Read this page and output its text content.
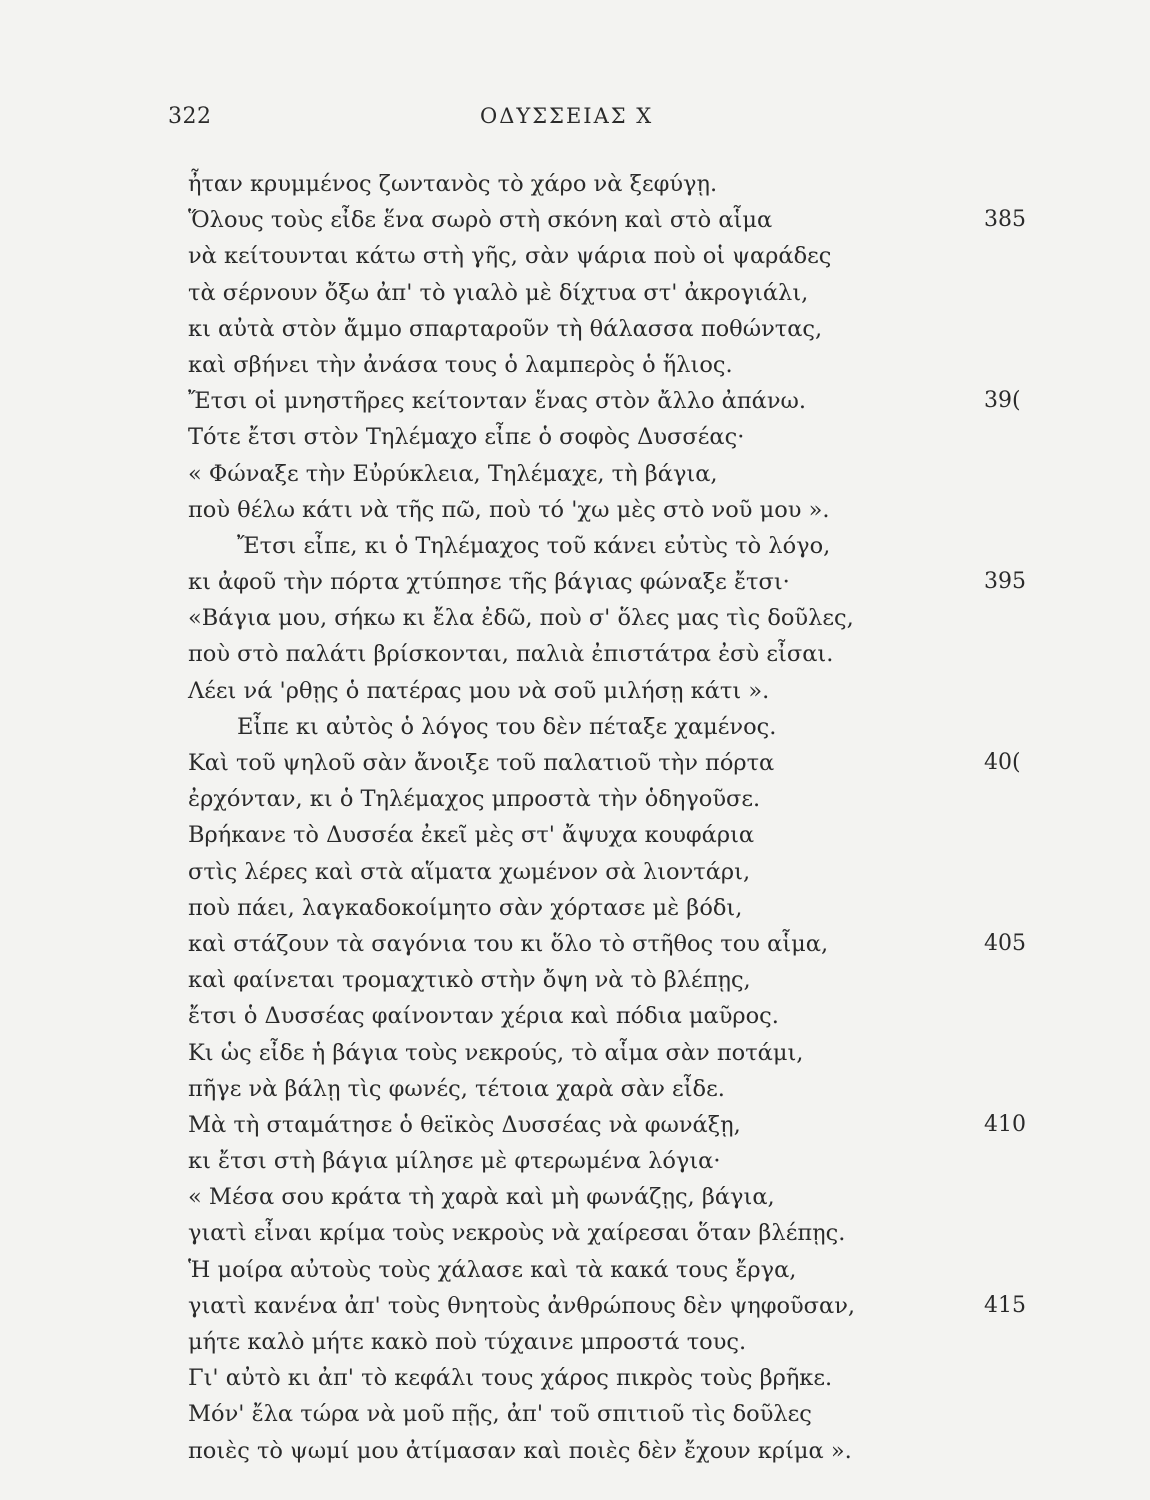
322	ΟΔΥΣΣΕΙΑΣ Χ
ἦταν κρυμμένος ζωντανὸς τὸ χάρο νὰ ξεφύγῃ.
Ὅλους τοὺς εἶδε ἕνα σωρὸ στὴ σκόνη καὶ στὸ αἷμα	385
νὰ κείτουνται κάτω στὴ γῆς, σὰν ψάρια ποὺ οἱ ψαράδες
τὰ σέρνουν ὄξω ἀπ' τὸ γιαλὸ μὲ δίχτυα στ' ἀκρογιάλι,
κι αὐτὰ στὸν ἄμμο σπαρταροῦν τὴ θάλασσα ποθώντας,
καὶ σβήνει τὴν ἀνάσα τους ὁ λαμπερὸς ὁ ἥλιος.
Ἔτσι οἱ μνηστῆρες κείτονταν ἕνας στὸν ἄλλο ἀπάνω.	39(
Τότε ἔτσι στὸν Τηλέμαχο εἶπε ὁ σοφὸς Δυσσέας·
« Φώναξε τὴν Εὐρύκλεια, Τηλέμαχε, τὴ βάγια,
ποὺ θέλω κάτι νὰ τῆς πῶ, ποὺ τό 'χω μὲς στὸ νοῦ μου ».
Ἔτσι εἶπε, κι ὁ Τηλέμαχος τοῦ κάνει εὐτὺς τὸ λόγο,
κι ἀφοῦ τὴν πόρτα χτύπησε τῆς βάγιας φώναξε ἔτσι·	395
«Βάγια μου, σήκω κι ἔλα ἐδῶ, ποὺ σ' ὅλες μας τὶς δοῦλες,
ποὺ στὸ παλάτι βρίσκονται, παλιὰ ἐπιστάτρα ἐσὺ εἶσαι.
Λέει νά 'ρθῃς ὁ πατέρας μου νὰ σοῦ μιλήσῃ κάτι ».
Εἶπε κι αὐτὸς ὁ λόγος του δὲν πέταξε χαμένος.
Καὶ τοῦ ψηλοῦ σὰν ἄνοιξε τοῦ παλατιοῦ τὴν πόρτα	40(
ἐρχόνταν, κι ὁ Τηλέμαχος μπροστὰ τὴν ὁδηγοῦσε.
Βρήκανε τὸ Δυσσέα ἐκεῖ μὲς στ' ἄψυχα κουφάρια
στὶς λέρες καὶ στὰ αἵματα χωμένον σὰ λιοντάρι,
ποὺ πάει, λαγκαδοκοίμητο σὰν χόρτασε μὲ βόδι,
καὶ στάζουν τὰ σαγόνια του κι ὅλο τὸ στῆθος του αἷμα,	405
καὶ φαίνεται τρομαχτικὸ στὴν ὄψη νὰ τὸ βλέπῃς,
ἔτσι ὁ Δυσσέας φαίνονταν χέρια καὶ πόδια μαῦρος.
Κι ὡς εἶδε ἡ βάγια τοὺς νεκρούς, τὸ αἷμα σὰν ποτάμι,
πῆγε νὰ βάλῃ τὶς φωνές, τέτοια χαρὰ σὰν εἶδε.
Μὰ τὴ σταμάτησε ὁ θεϊκὸς Δυσσέας νὰ φωνάξῃ,	410
κι ἔτσι στὴ βάγια μίλησε μὲ φτερωμένα λόγια·
« Μέσα σου κράτα τὴ χαρὰ καὶ μὴ φωνάζῃς, βάγια,
γιατὶ εἶναι κρίμα τοὺς νεκροὺς νὰ χαίρεσαι ὅταν βλέπῃς.
Ἡ μοίρα αὐτοὺς τοὺς χάλασε καὶ τὰ κακά τους ἔργα,
γιατὶ κανένα ἀπ' τοὺς θνητοὺς ἀνθρώπους δὲν ψηφοῦσαν,	415
μήτε καλὸ μήτε κακὸ ποὺ τύχαινε μπροστά τους.
Γι' αὐτὸ κι ἀπ' τὸ κεφάλι τους χάρος πικρὸς τοὺς βρῆκε.
Μόν' ἔλα τώρα νὰ μοῦ πῇς, ἀπ' τοῦ σπιτιοῦ τὶς δοῦλες
ποιὲς τὸ ψωμί μου ἀτίμασαν καὶ ποιὲς δὲν ἔχουν κρίμα ».
